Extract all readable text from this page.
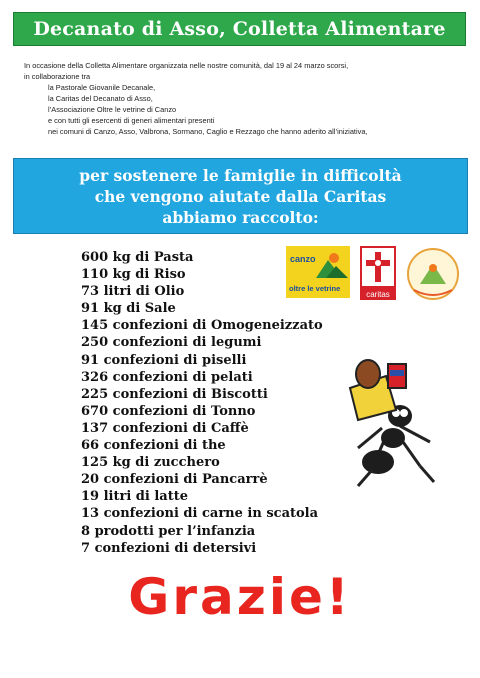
Decanato di Asso, Colletta Alimentare
In occasione della Colletta Alimentare organizzata nelle nostre comunità, dal 19 al 24 marzo scorsi,
in collaborazione tra
la Pastorale Giovanile Decanale,
la Caritas del Decanato di Asso,
l’Associazione Oltre le vetrine di Canzo
e con tutti gli esercenti di generi alimentari presenti
nei comuni di Canzo, Asso, Valbrona, Sormano, Caglio e Rezzago che hanno aderito all’iniziativa,
per sostenere le famiglie in difficoltà
che vengono aiutate dalla Caritas
abbiamo raccolto:
600 kg di Pasta
110 kg di Riso
73 litri di Olio
91 kg di Sale
145 confezioni di Omogeneizzato
250 confezioni di legumi
91 confezioni di piselli
326 confezioni di pelati
225 confezioni di Biscotti
670 confezioni di Tonno
137 confezioni di Caffè
66 confezioni di the
125 kg di zucchero
20 confezioni di Pancarrè
19 litri di latte
13 confezioni di carne in scatola
8 prodotti per l’infanzia
7 confezioni di detersivi
canzo
oltre le vetrine
caritas
Grazie!
